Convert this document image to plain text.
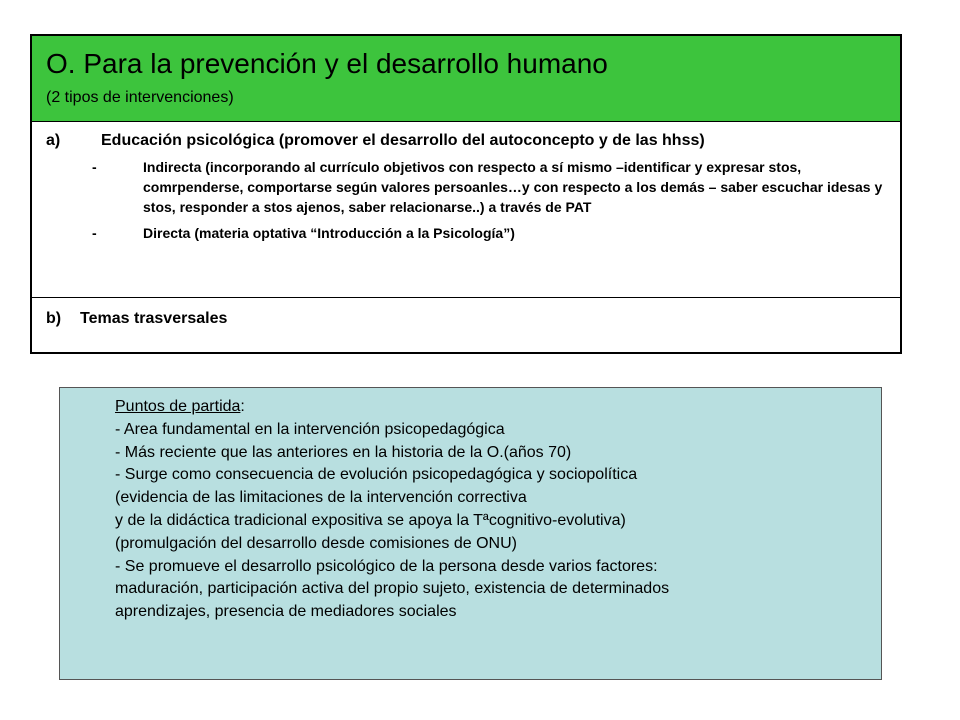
O. Para la prevención y el desarrollo humano
(2 tipos de intervenciones)
a)	Educación psicológica (promover el desarrollo del autoconcepto y de las hhss)
-	Indirecta (incorporando al currículo objetivos con respecto a sí mismo –identificar y expresar stos, comrpenderse, comportarse según valores persoanles…y con respecto a los demás – saber escuchar idesas y stos, responder a stos ajenos, saber relacionarse..) a través de PAT
-	Directa (materia optativa “Introducción a la Psicología”)
b) Temas trasversales
Puntos de partida:
- Area fundamental en la intervención psicopedagógica
- Más reciente que las anteriores en la historia de la O.(años 70)
- Surge como consecuencia de evolución psicopedagógica y sociopolítica
(evidencia de las limitaciones de la intervención correctiva
y de la didáctica tradicional expositiva se apoya la Tªcognitivo-evolutiva)
(promulgación del desarrollo desde comisiones de ONU)
- Se promueve el desarrollo psicológico de la persona desde varios factores:
maduración, participación activa del propio sujeto, existencia de determinados
aprendizajes, presencia de mediadores sociales
